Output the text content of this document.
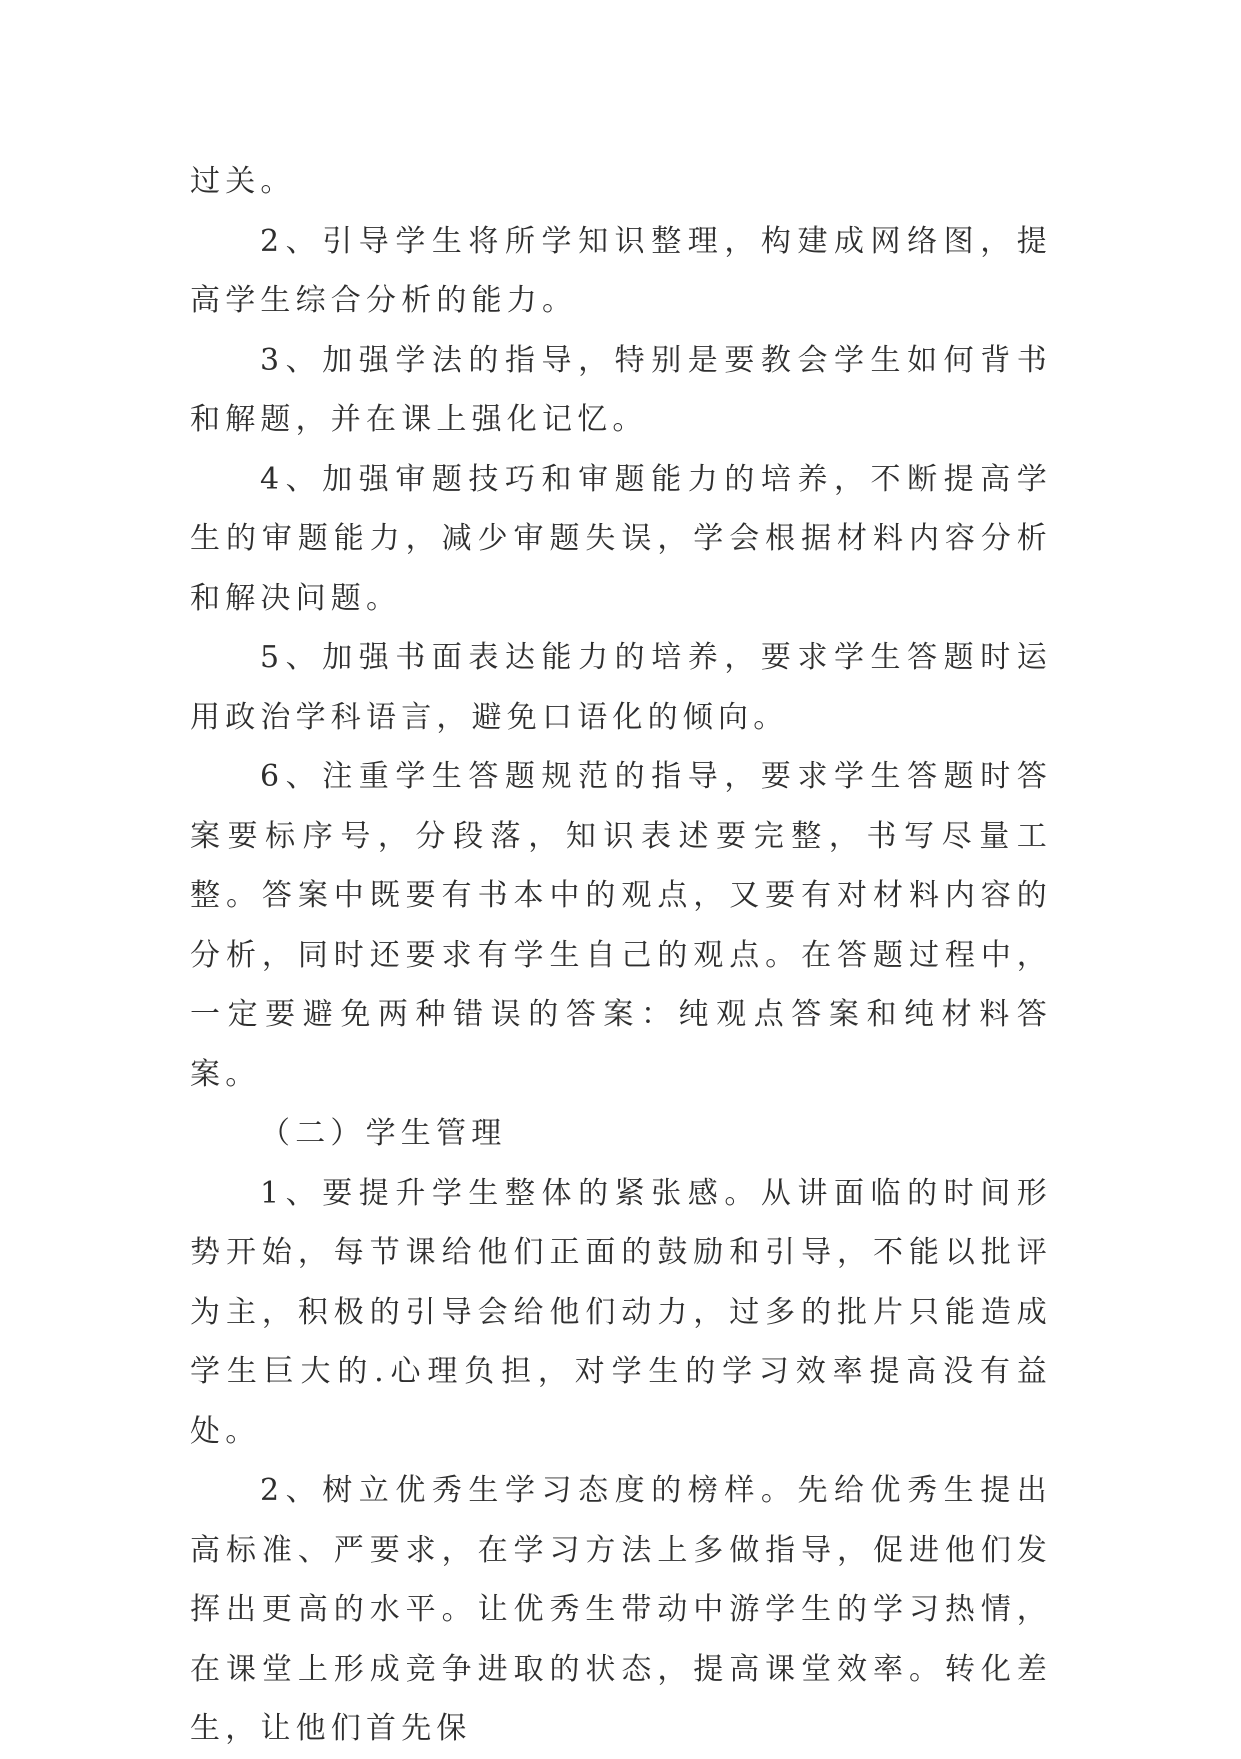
过关。

2、引导学生将所学知识整理，构建成网络图，提高学生综合分析的能力。

3、加强学法的指导，特别是要教会学生如何背书和解题，并在课上强化记忆。

4、加强审题技巧和审题能力的培养，不断提高学生的审题能力，减少审题失误，学会根据材料内容分析和解决问题。

5、加强书面表达能力的培养，要求学生答题时运用政治学科语言，避免口语化的倾向。

6、注重学生答题规范的指导，要求学生答题时答案要标序号，分段落，知识表述要完整，书写尽量工整。答案中既要有书本中的观点，又要有对材料内容的分析，同时还要求有学生自己的观点。在答题过程中，一定要避免两种错误的答案：纯观点答案和纯材料答案。

（二）学生管理

1、要提升学生整体的紧张感。从讲面临的时间形势开始，每节课给他们正面的鼓励和引导，不能以批评为主，积极的引导会给他们动力，过多的批片只能造成学生巨大的.心理负担，对学生的学习效率提高没有益处。

2、树立优秀生学习态度的榜样。先给优秀生提出高标准、严要求，在学习方法上多做指导，促进他们发挥出更高的水平。让优秀生带动中游学生的学习热情，在课堂上形成竞争进取的状态，提高课堂效率。转化差生，让他们首先保
